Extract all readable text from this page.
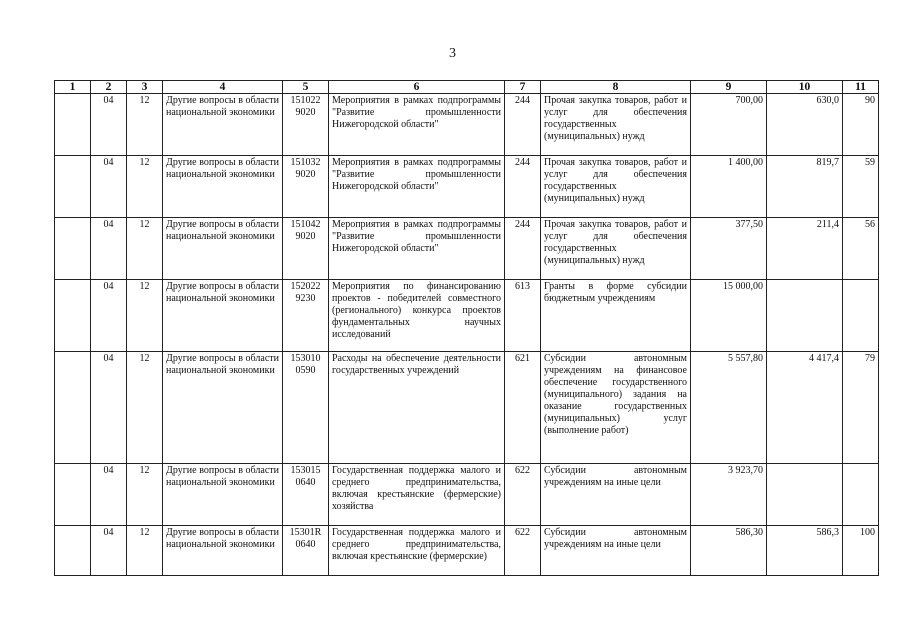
3
1	2	3	4	5	6	7	8	9	10	11
	04	12	Другие вопросы в области национальной экономики	151022 9020	Мероприятия в рамках подпрограммы "Развитие промышленности Нижегородской области"	244	Прочая закупка товаров, работ и услуг для обеспечения государственных (муниципальных) нужд	700,00	630,0	90
	04	12	Другие вопросы в области национальной экономики	151032 9020	Мероприятия в рамках подпрограммы "Развитие промышленности Нижегородской области"	244	Прочая закупка товаров, работ и услуг для обеспечения государственных (муниципальных) нужд	1 400,00	819,7	59
	04	12	Другие вопросы в области национальной экономики	151042 9020	Мероприятия в рамках подпрограммы "Развитие промышленности Нижегородской области"	244	Прочая закупка товаров, работ и услуг для обеспечения государственных (муниципальных) нужд	377,50	211,4	56
	04	12	Другие вопросы в области национальной экономики	152022 9230	Мероприятия по финансированию проектов - победителей совместного (регионального) конкурса проектов фундаментальных научных исследований	613	Гранты в форме субсидии бюджетным учреждениям	15 000,00		
	04	12	Другие вопросы в области национальной экономики	153010 0590	Расходы на обеспечение деятельности государственных учреждений	621	Субсидии автономным учреждениям на финансовое обеспечение государственного (муниципального) задания на оказание государственных (муниципальных) услуг (выполнение работ)	5 557,80	4 417,4	79
	04	12	Другие вопросы в области национальной экономики	153015 0640	Государственная поддержка малого и среднего предпринимательства, включая крестьянские (фермерские) хозяйства	622	Субсидии автономным учреждениям на иные цели	3 923,70		
	04	12	Другие вопросы в области национальной экономики	15301R 0640	Государственная поддержка малого и среднего предпринимательства, включая крестьянские (фермерские)	622	Субсидии автономным учреждениям на иные цели	586,30	586,3	100
